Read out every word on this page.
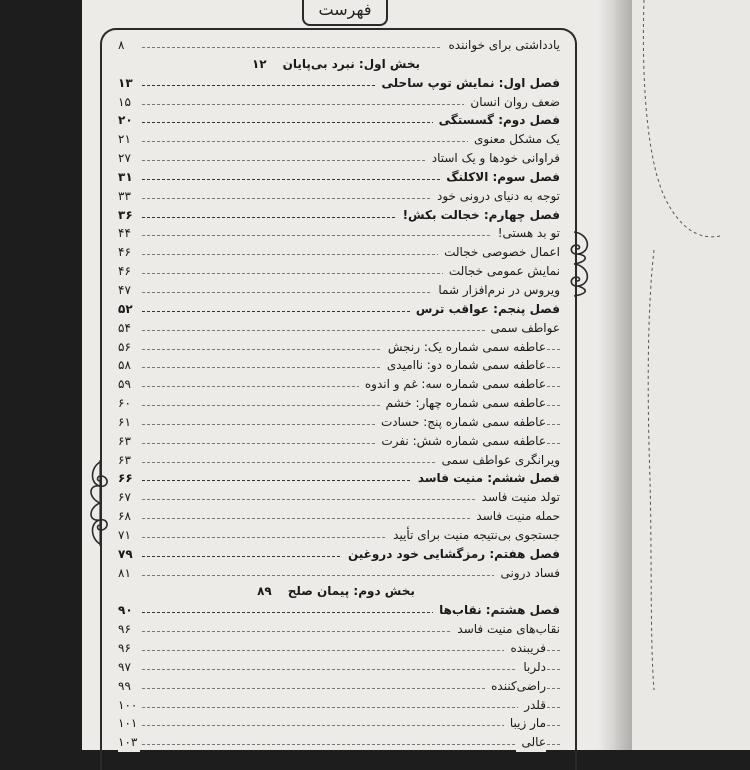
فهرست
یادداشتی برای خواننده
۸
بخش اول: نبرد بی‌پایان۱۲
فصل اول: نمایش توپ ساحلی
۱۳
ضعف روان انسان
۱۵
فصل دوم: گسستگی
۲۰
یک مشکل معنوی
۲۱
فراوانی خودها و یک استاد
۲۷
فصل سوم: الاکلنگ
۳۱
توجه به دنیای درونی خود
۳۳
فصل چهارم: خجالت بکش!
۳۶
تو بد هستی!
۴۴
اعمال خصوصی خجالت
۴۶
نمایش عمومی خجالت
۴۶
ویروس در نرم‌افزار شما
۴۷
فصل پنجم: عواقب ترس
۵۲
عواطف سمی
۵۴
عاطفه سمی شماره یک: رنجش
۵۶
عاطفه سمی شماره دو: ناامیدی
۵۸
عاطفه سمی شماره سه: غم و اندوه
۵۹
عاطفه سمی شماره چهار: خشم
۶۰
عاطفه سمی شماره پنج: حسادت
۶۱
عاطفه سمی شماره شش: نفرت
۶۳
ویرانگری عواطف سمی
۶۳
فصل ششم: منیت فاسد
۶۶
تولد منیت فاسد
۶۷
حمله منیت فاسد
۶۸
جستجوی بی‌نتیجه منیت برای تأیید
۷۱
فصل هفتم: رمزگشایی خود دروغین
۷۹
فساد درونی
۸۱
بخش دوم: پیمان صلح۸۹
فصل هشتم: نقاب‌ها
۹۰
نقاب‌های منیت فاسد
۹۶
فریبنده
۹۶
دلربا
۹۷
راضی‌کننده
۹۹
قلدر
۱۰۰
مار زیبا
۱۰۱
عالی
۱۰۳
